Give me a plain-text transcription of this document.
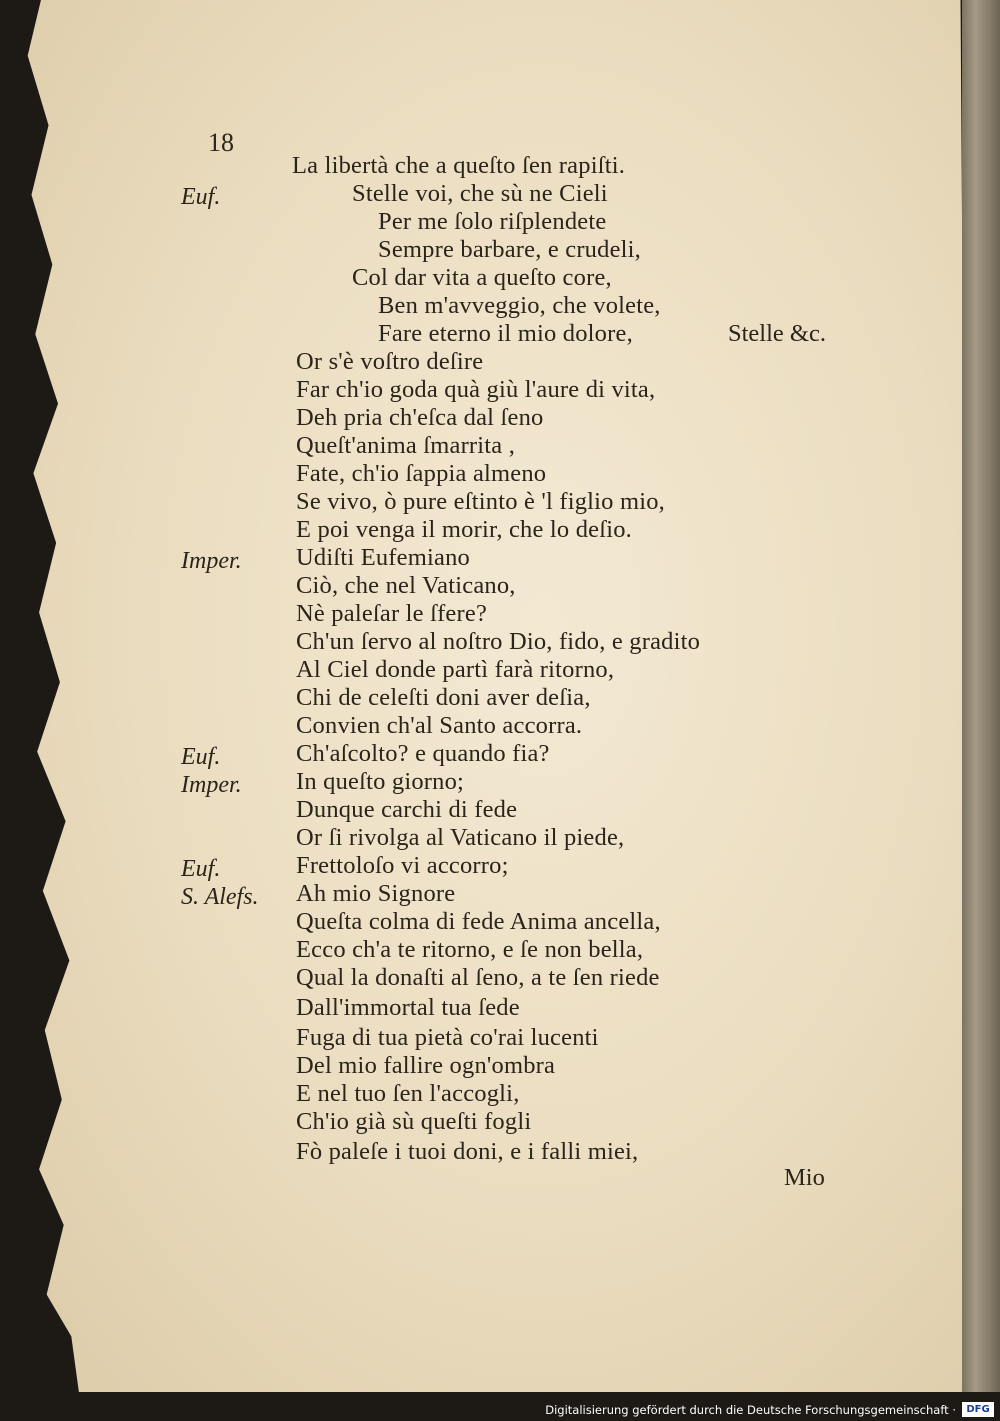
18
Euf.
Imper.
Euf.
Imper.
Euf.
S. Alefs.
La libertà che a queſto ſen rapiſti.
Stelle voi, che sù ne Cieli
Per me ſolo riſplendete
Sempre barbare, e crudeli,
Col dar vita a queſto core,
Ben m'avveggio, che volete,
Fare eterno il mio dolore,	Stelle &c.
Or s'è voſtro deſire
Far ch'io goda quà giù l'aure di vita,
Deh pria ch'eſca dal ſeno
Queſt'anima ſmarrita ,
Fate, ch'io ſappia almeno
Se vivo, ò pure eſtinto è 'l figlio mio,
E poi venga il morir, che lo deſio.
Udiſti Eufemiano
Ciò, che nel Vaticano,
Nè paleſar le ſfere?
Ch'un ſervo al noſtro Dio, fido, e gradito
Al Ciel donde partì farà ritorno,
Chi de celeſti doni aver deſia,
Convien ch'al Santo accorra.
Ch'aſcolto? e quando fia?
In queſto giorno;
Dunque carchi di fede
Or ſi rivolga al Vaticano il piede,
Frettoloſo vi accorro;
Ah mio Signore
Queſta colma di fede Anima ancella,
Ecco ch'a te ritorno, e ſe non bella,
Qual la donaſti al ſeno, a te ſen riede
Dall'immortal tua ſede
Fuga di tua pietà co'rai lucenti
Del mio fallire ogn'ombra
E nel tuo ſen l'accogli,
Ch'io già sù queſti fogli
Fò paleſe i tuoi doni, e i falli miei,
Mio
Digitalisierung gefördert durch die Deutsche Forschungsgemeinschaft ·	DFG
